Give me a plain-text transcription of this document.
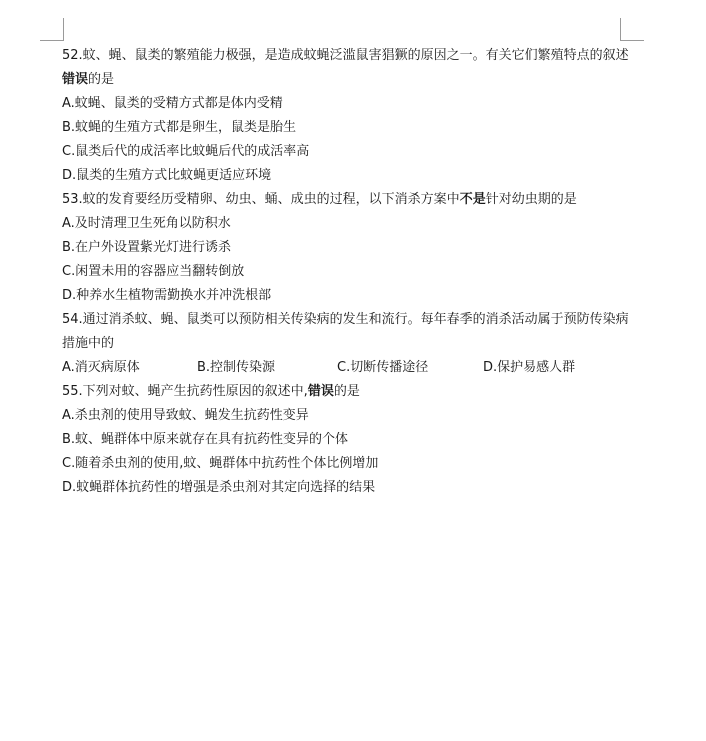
52.蚊、蝇、鼠类的繁殖能力极强，是造成蚊蝇泛滥鼠害猖獗的原因之一。有关它们繁殖特点的叙述错误的是
A.蚊蝇、鼠类的受精方式都是体内受精
B.蚊蝇的生殖方式都是卵生，鼠类是胎生
C.鼠类后代的成活率比蚊蝇后代的成活率高
D.鼠类的生殖方式比蚊蝇更适应环境
53.蚊的发育要经历受精卵、幼虫、蛹、成虫的过程，以下消杀方案中不是针对幼虫期的是
A.及时清理卫生死角以防积水
B.在户外设置紫光灯进行诱杀
C.闲置未用的容器应当翻转倒放
D.种养水生植物需勤换水并冲洗根部
54.通过消杀蚊、蝇、鼠类可以预防相关传染病的发生和流行。每年春季的消杀活动属于预防传染病措施中的
A.消灭病原体	B.控制传染源	C.切断传播途径	D.保护易感人群
55.下列对蚊、蝇产生抗药性原因的叙述中,错误的是
A.杀虫剂的使用导致蚊、蝇发生抗药性变异
B.蚊、蝇群体中原来就存在具有抗药性变异的个体
C.随着杀虫剂的使用,蚊、蝇群体中抗药性个体比例增加
D.蚊蝇群体抗药性的增强是杀虫剂对其定向选择的结果
